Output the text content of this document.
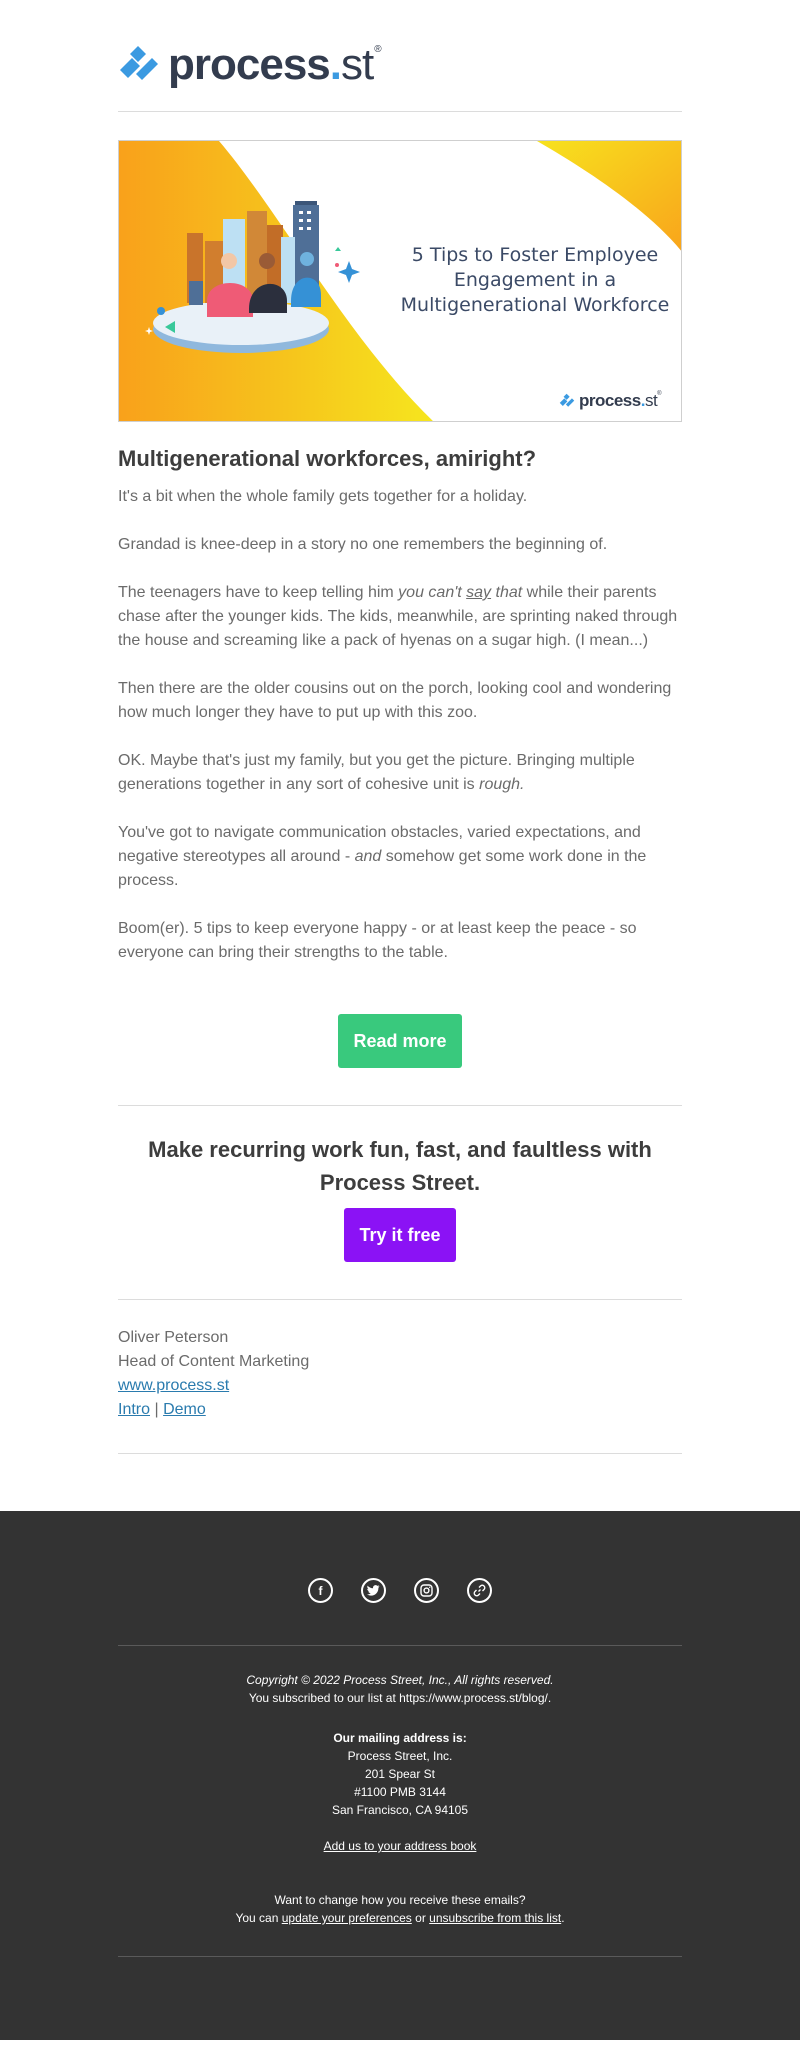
process.st ®
5 Tips to Foster Employee Engagement in a Multigenerational Workforce
process.st ®
Multigenerational workforces, amiright?

It's a bit when the whole family gets together for a holiday.

Grandad is knee-deep in a story no one remembers the beginning of.

The teenagers have to keep telling him you can't say that while their parents chase after the younger kids. The kids, meanwhile, are sprinting naked through the house and screaming like a pack of hyenas on a sugar high. (I mean...)

Then there are the older cousins out on the porch, looking cool and wondering how much longer they have to put up with this zoo.

OK. Maybe that's just my family, but you get the picture. Bringing multiple generations together in any sort of cohesive unit is rough.

You've got to navigate communication obstacles, varied expectations, and negative stereotypes all around - and somehow get some work done in the process.

Boom(er). 5 tips to keep everyone happy - or at least keep the peace - so everyone can bring their strengths to the table.

Read more
Make recurring work fun, fast, and faultless with Process Street.
Try it free
Oliver Peterson
Head of Content Marketing
www.process.st
Intro | Demo
f
Copyright © 2022 Process Street, Inc., All rights reserved.
You subscribed to our list at https://www.process.st/blog/.
Our mailing address is:
Process Street, Inc.
201 Spear St
#1100 PMB 3144
San Francisco, CA 94105
Add us to your address book
Want to change how you receive these emails?
You can update your preferences or unsubscribe from this list.
